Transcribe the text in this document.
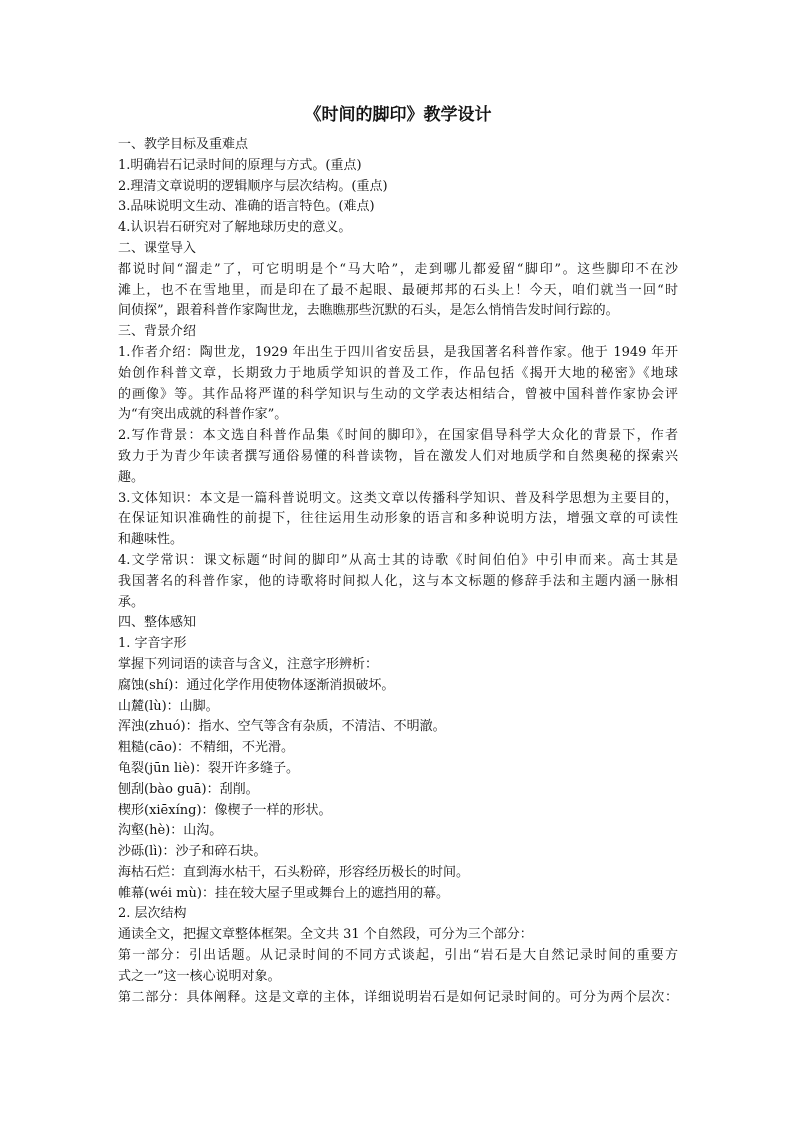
《时间的脚印》教学设计

一、教学目标及重难点

1.明确岩石记录时间的原理与方式。(重点)

2.理清文章说明的逻辑顺序与层次结构。(重点)

3.品味说明文生动、准确的语言特色。(难点)

4.认识岩石研究对了解地球历史的意义。

二、课堂导入

都说时间“溜走”了，可它明明是个“马大哈”，走到哪儿都爱留“脚印”。这些脚印不在沙

滩上，也不在雪地里，而是印在了最不起眼、最硬邦邦的石头上！今天，咱们就当一回“时

间侦探”，跟着科普作家陶世龙，去瞧瞧那些沉默的石头，是怎么悄悄告发时间行踪的。

三、背景介绍

1.作者介绍：陶世龙，1929 年出生于四川省安岳县，是我国著名科普作家。他于 1949 年开

始创作科普文章，长期致力于地质学知识的普及工作，作品包括《揭开大地的秘密》《地球

的画像》等。其作品将严谨的科学知识与生动的文学表达相结合，曾被中国科普作家协会评

为“有突出成就的科普作家”。

2.写作背景：本文选自科普作品集《时间的脚印》，在国家倡导科学大众化的背景下，作者

致力于为青少年读者撰写通俗易懂的科普读物，旨在激发人们对地质学和自然奥秘的探索兴

趣。

3.文体知识：本文是一篇科普说明文。这类文章以传播科学知识、普及科学思想为主要目的，

在保证知识准确性的前提下，往往运用生动形象的语言和多种说明方法，增强文章的可读性

和趣味性。

4.文学常识：课文标题“时间的脚印”从高士其的诗歌《时间伯伯》中引申而来。高士其是

我国著名的科普作家，他的诗歌将时间拟人化，这与本文标题的修辞手法和主题内涵一脉相

承。

四、整体感知

1. 字音字形

掌握下列词语的读音与含义，注意字形辨析：

腐蚀(shí)：通过化学作用使物体逐渐消损破坏。

山麓(lù)：山脚。

浑浊(zhuó)：指水、空气等含有杂质，不清洁、不明澈。

粗糙(cāo)：不精细，不光滑。

龟裂(jūn liè)：裂开许多缝子。

刨刮(bào guā)：刮削。

楔形(xiēxíng)：像楔子一样的形状。

沟壑(hè)：山沟。

沙砾(lì)：沙子和碎石块。

海枯石烂：直到海水枯干，石头粉碎，形容经历极长的时间。

帷幕(wéi mù)：挂在较大屋子里或舞台上的遮挡用的幕。

2. 层次结构

通读全文，把握文章整体框架。全文共 31 个自然段，可分为三个部分：

第一部分：引出话题。从记录时间的不同方式谈起，引出“岩石是大自然记录时间的重要方

式之一”这一核心说明对象。

第二部分：具体阐释。这是文章的主体，详细说明岩石是如何记录时间的。可分为两个层次：
